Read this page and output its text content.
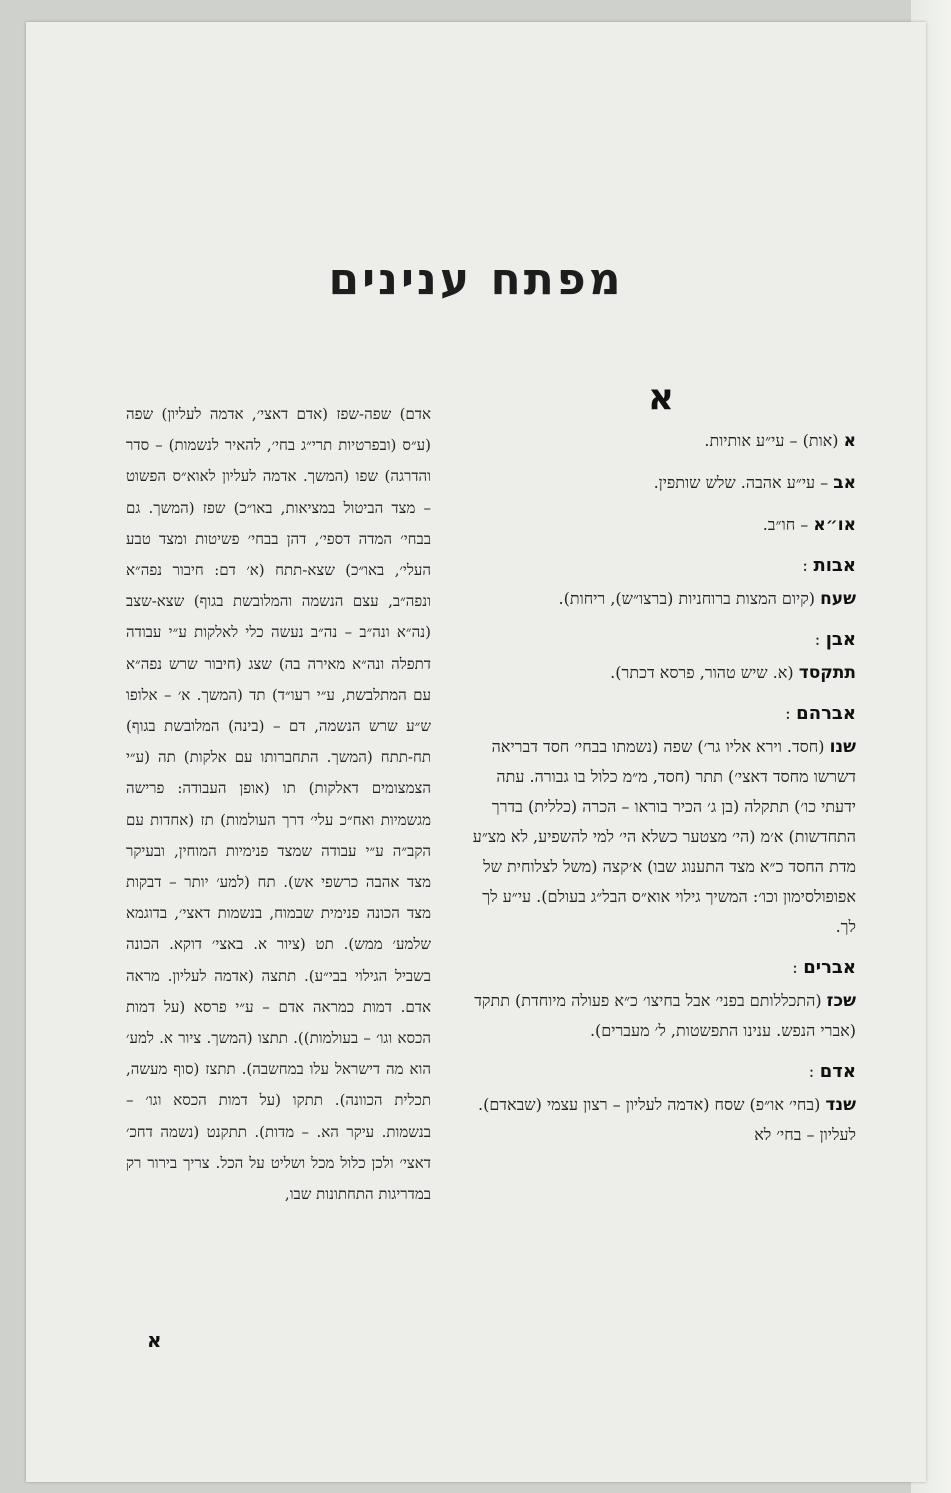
מפתח ענינים
א
א (אות) – עי״ע אותיות.
אב – עי״ע אהבה. שלש שותפין.
או״א – חו״ב.
אבות :
שעח (קיום המצות ברוחניות (ברצו״ש), ריחות).
אבן :
תתקסד (א. שיש טהור, פרסא דכתר).
אברהם :
שנו (חסד. וירא אליו גר׳) שפה (נשמתו בבחי׳ חסד דבריאה דשרשו מחסד דאצי׳) תתר (חסד, מ״מ כלול בו גבורה. עתה ידעתי כו׳) תתקלה (בן ג׳ הכיר בוראו – הכרה (כללית) בדרך התחדשות) א׳מ (הי׳ מצטער כשלא הי׳ למי להשפיע, לא מצ״ע מדת החסד כ״א מצד התענוג שבו) א׳קצה (משל לצלוחית של אפופולסימון וכו׳: המשיך גילוי אוא״ס הבל״ג בעולם). עי״ע לך לך.
אברים :
שכז (התכללותם בפני׳ אבל בחיצו׳ כ״א פעולה מיוחדת) תתקד (אברי הנפש. ענינו התפשטות, ל׳ מעברים).
אדם :
שנד (בחי׳ או״פ) שסח (אדמה לעליון – רצון עצמי (שבאדם). לעליון – בחי׳ לא
אדם) שפה-שפז (אדם דאצי׳, אדמה לעליון) שפה (ע״ס (ובפרטיות תרי״ג בחי׳, להאיר לנשמות) – סדר והדרגה) שפו (המשך. אדמה לעליון לאוא״ס הפשוט – מצד הביטול במציאות, באו״כ) שפז (המשך. גם בבחי׳ המדה דספי׳, דהן בבחי׳ פשיטות ומצד טבע העלי׳, באו״כ) שצא-תתח (א׳ דם: חיבור נפה״א ונפה״ב, עצם הנשמה והמלובשת בגוף) שצא-שצב (נה״א ונה״ב – נה״ב נעשה כלי לאלקות ע״י עבודה דתפלה ונה״א מאירה בה) שצג (חיבור שרש נפה״א עם המתלבשת, ע״י רעו״ד) תד (המשך. א׳ – אלופו ש״ע שרש הנשמה, דם – (בינה) המלובשת בגוף) תח-תתח (המשך. התחברותו עם אלקות) תה (ע״י הצמצומים דאלקות) תו (אופן העבודה: פרישה מגשמיות ואח״כ עלי׳ דרך העולמות) תז (אחדות עם הקב״ה ע״י עבודה שמצד פנימיות המוחין, ובעיקר מצד אהבה כרשפי אש). תח (למע׳ יותר – דבקות מצד הכונה פנימית שבמוח, בנשמות דאצי׳, בדוגמא שלמע׳ ממש). תט (ציור א. באצי׳ דוקא. הכונה בשביל הגילוי בבי״ע). תתצה (אדמה לעליון. מראה אדם. דמות כמראה אדם – ע״י פרסא (על דמות הכסא וגו׳ – בעולמות)). תתצו (המשך. ציור א. למע׳ הוא מה דישראל עלו במחשבה). תתצז (סוף מעשה, תכלית הכוונה). תתקו (על דמות הכסא וגו׳ – בנשמות. עיקר הא. – מדות). תתקנט (נשמה דחכ׳ דאצי׳ ולכן כלול מכל ושליט על הכל. צריך בירור רק במדריגות התחתונות שבו,
א
